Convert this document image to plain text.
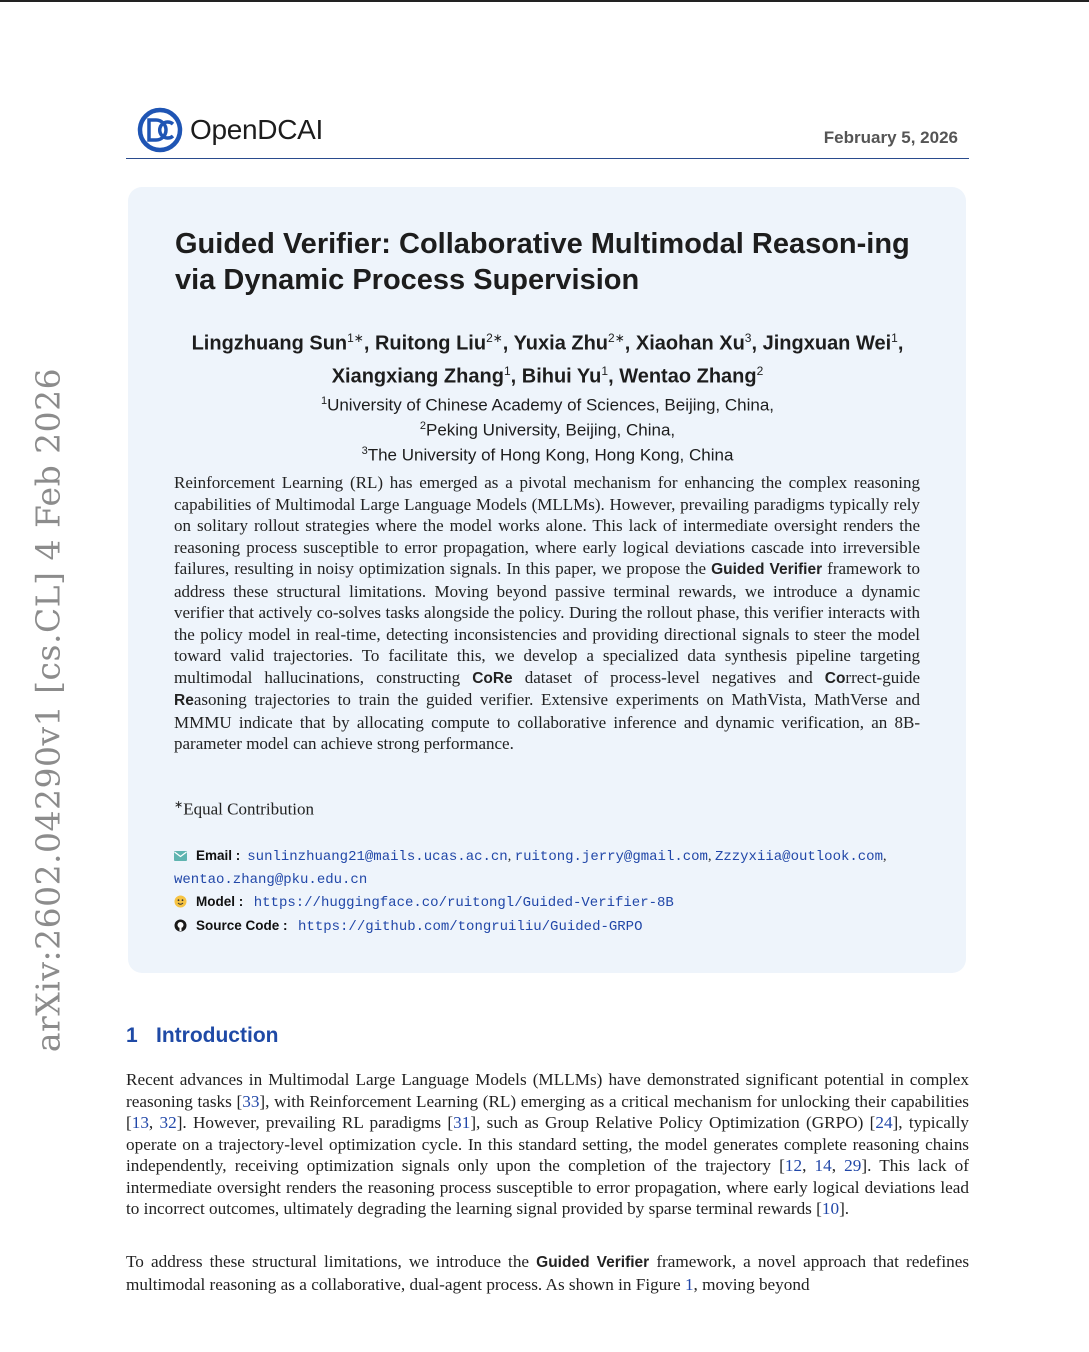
arXiv:2602.04290v1 [cs.CL] 4 Feb 2026
OpenDCAI	February 5, 2026
Guided Verifier: Collaborative Multimodal Reason-ing via Dynamic Process Supervision
Lingzhuang Sun$^{1∗}$, Ruitong Liu$^{2∗}$, Yuxia Zhu$^{2∗}$, Xiaohan Xu$^3$, Jingxuan Wei$^1$, Xiangxiang Zhang$^1$, Bihui Yu$^1$, Wentao Zhang$^2$
$^1$University of Chinese Academy of Sciences, Beijing, China,
$^2$Peking University, Beijing, China,
$^3$The University of Hong Kong, Hong Kong, China

Reinforcement Learning (RL) has emerged as a pivotal mechanism for enhancing the complex reasoning capabilities of Multimodal Large Language Models (MLLMs). However, prevailing paradigms typically rely on solitary rollout strategies where the model works alone. This lack of intermediate oversight renders the reasoning process susceptible to error propagation, where early logical deviations cascade into irreversible failures, resulting in noisy optimization signals. In this paper, we propose the Guided Verifier framework to address these structural limitations. Moving beyond passive terminal rewards, we introduce a dynamic verifier that actively co-solves tasks alongside the policy. During the rollout phase, this verifier interacts with the policy model in real-time, detecting inconsistencies and providing directional signals to steer the model toward valid trajectories. To facilitate this, we develop a specialized data synthesis pipeline targeting multimodal hallucinations, constructing CoRe dataset of process-level negatives and Correct-guide Reasoning trajectories to train the guided verifier. Extensive experiments on MathVista, MathVerse and MMMU indicate that by allocating compute to collaborative inference and dynamic verification, an 8B-parameter model can achieve strong performance.

∗Equal Contribution
Email : sunlinzhuang21@mails.ucas.ac.cn, ruitong.jerry@gmail.com, Zzzyxiia@outlook.com,
wentao.zhang@pku.edu.cn
Model : https://huggingface.co/ruitongl/Guided-Verifier-8B
Source Code : https://github.com/tongruiliu/Guided-GRPO
1 Introduction

Recent advances in Multimodal Large Language Models (MLLMs) have demonstrated significant potential in complex reasoning tasks [33], with Reinforcement Learning (RL) emerging as a critical mechanism for unlocking their capabilities [13, 32]. However, prevailing RL paradigms [31], such as Group Relative Policy Optimization (GRPO) [24], typically operate on a trajectory-level optimization cycle. In this standard setting, the model generates complete reasoning chains independently, receiving optimization signals only upon the completion of the trajectory [12, 14, 29]. This lack of intermediate oversight renders the reasoning process susceptible to error propagation, where early logical deviations lead to incorrect outcomes, ultimately degrading the learning signal provided by sparse terminal rewards [10].

To address these structural limitations, we introduce the Guided Verifier framework, a novel approach that redefines multimodal reasoning as a collaborative, dual-agent process. As shown in Figure 1, moving beyond
